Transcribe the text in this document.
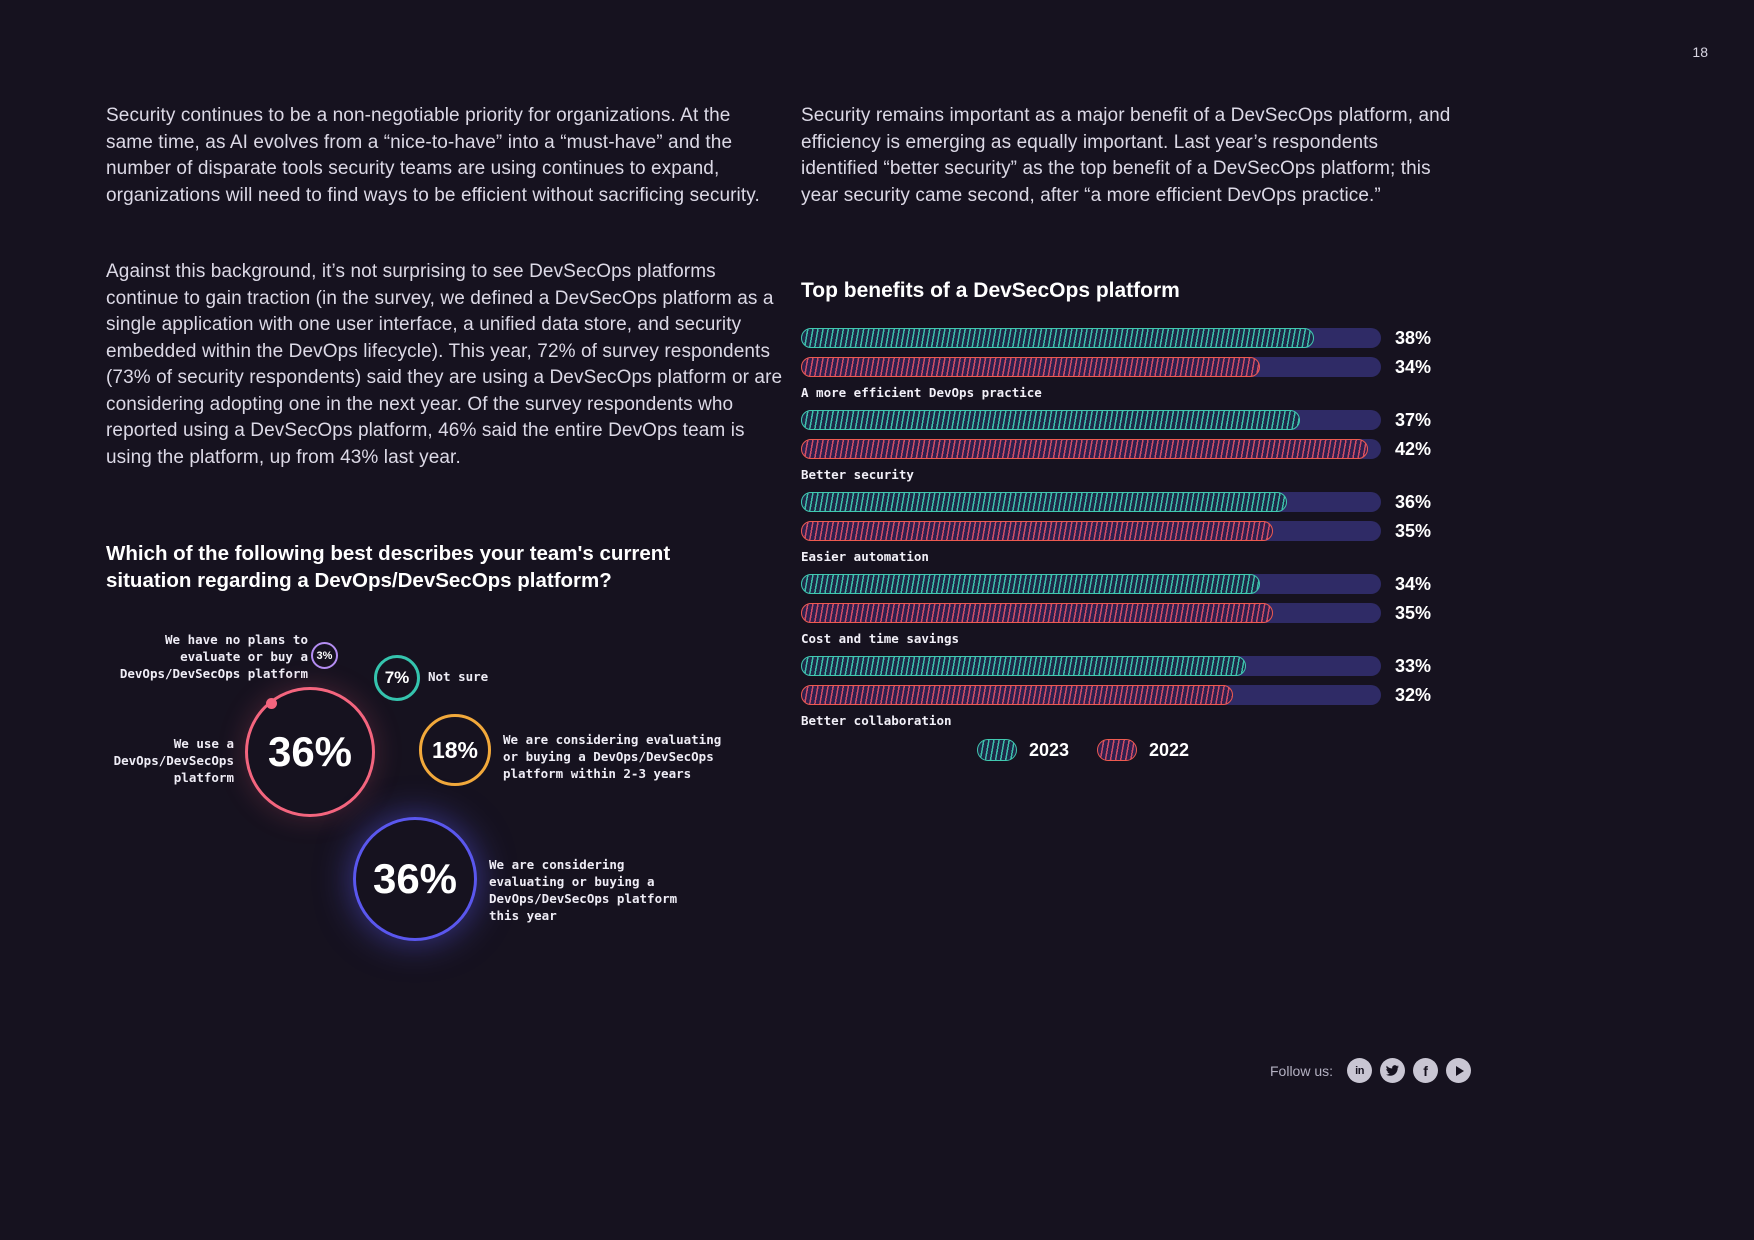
18

Security continues to be a non-negotiable priority for organizations. At the same time, as AI evolves from a “nice-to-have” into a “must-have” and the number of disparate tools security teams are using continues to expand, organizations will need to find ways to be efficient without sacrificing security.

Against this background, it’s not surprising to see DevSecOps platforms continue to gain traction (in the survey, we defined a DevSecOps platform as a single application with one user interface, a unified data store, and security embedded within the DevOps lifecycle). This year, 72% of survey respondents (73% of security respondents) said they are using a DevSecOps platform or are considering adopting one in the next year. Of the survey respondents who reported using a DevSecOps platform, 46% said the entire DevOps team is using the platform, up from 43% last year.

Which of the following best describes your team's current situation regarding a DevOps/DevSecOps platform?
We have no plans to evaluate or buy a DevOps/DevSecOps platform
3%
7%	Not sure
We use a DevOps/DevSecOps platform
36%	18%	We are considering evaluating or buying a DevOps/DevSecOps platform within 2-3 years
36%	We are considering evaluating or buying a DevOps/DevSecOps platform this year

Security remains important as a major benefit of a DevSecOps platform, and efficiency is emerging as equally important. Last year’s respondents identified “better security” as the top benefit of a DevSecOps platform; this year security came second, after “a more efficient DevOps practice.”

Top benefits of a DevSecOps platform
38%
34%
A more efficient DevOps practice
37%
42%
Better security
36%
35%
Easier automation
34%
35%
Cost and time savings
33%
32%
Better collaboration
2023	2022
Follow us: in	f
